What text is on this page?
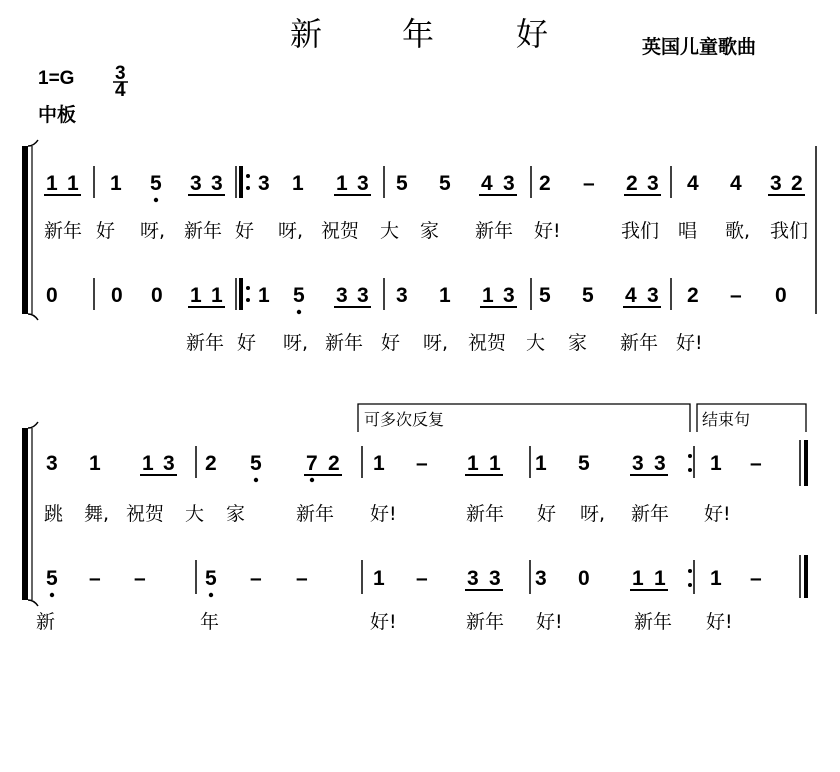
新 年	好	英国儿童歌曲
1=G 3
4
中板
可多次反复	结束句
1 1 1 5 3 3 3 1 1 3 5 5 4 3 2 – 2 3 4 4 3 2
0	0 0 1 1 1 5 3 3 3 1 1 3 5 5 4 3 2 – 0
3 1 1 3 2 5 7 2 1 – 1 1 1 5 3 3 1 –
5 – –	5 – –	1 – 3 3 3 0 1 1 1 –
新年 好 呀, 新年 好 呀, 祝贺 大 家 新年 好!	我们 唱 歌, 我们
新年 好 呀, 新年 好 呀, 祝贺 大 家 新年 好!
跳 舞, 祝贺 大 家	新年 好!	新年 好 呀, 新年 好!
新	年	好!	新年 好!	新年 好!
